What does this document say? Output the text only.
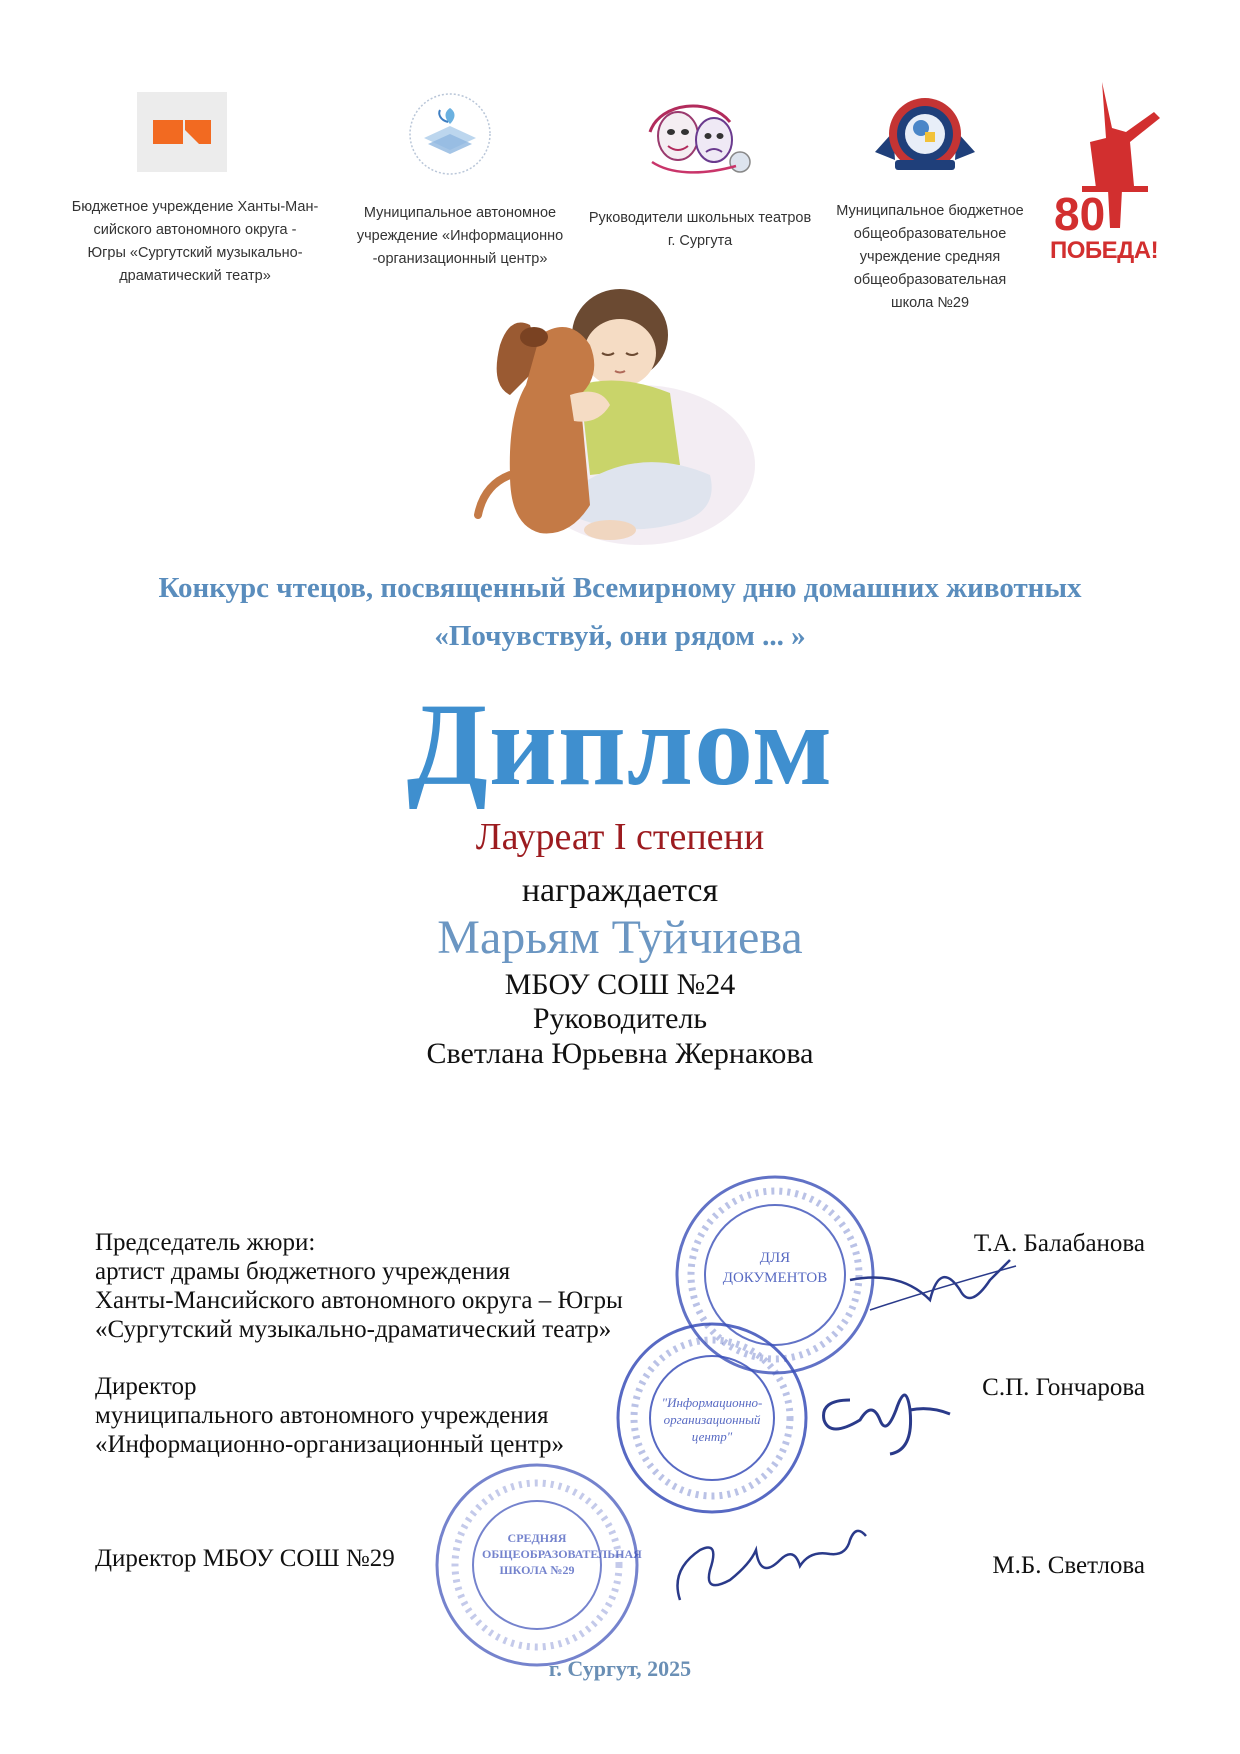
Бюджетное учреждение Ханты-Ман-
сийского автономного округа -
Югры «Сургутский музыкально-
драматический театр»
Муниципальное автономное
учреждение «Информационно
-организационный центр»
Руководители школьных театров
г. Сургута
Муниципальное бюджетное
общеобразовательное
учреждение средняя
общеобразовательная
школа №29
80
ПОБЕДА!
Конкурс чтецов, посвященный Всемирному дню домашних животных
«Почувствуй, они рядом ... »
Диплом
Лауреат I степени
награждается
Марьям Туйчиева
МБОУ СОШ №24
Руководитель
Светлана Юрьевна Жернакова
ДЛЯ ДОКУМЕНТОВ
"Информационно-организационный центр"
СРЕДНЯЯ ОБЩЕОБРАЗОВАТЕЛЬНАЯ ШКОЛА №29
Председатель жюри:
артист драмы бюджетного учреждения
Ханты-Мансийского автономного округа – Югры
«Сургутский музыкально-драматический театр»
Т.А. Балабанова
Директор
муниципального автономного учреждения
«Информационно-организационный центр»
С.П. Гончарова
Директор МБОУ СОШ №29	М.Б. Светлова
г. Сургут, 2025
